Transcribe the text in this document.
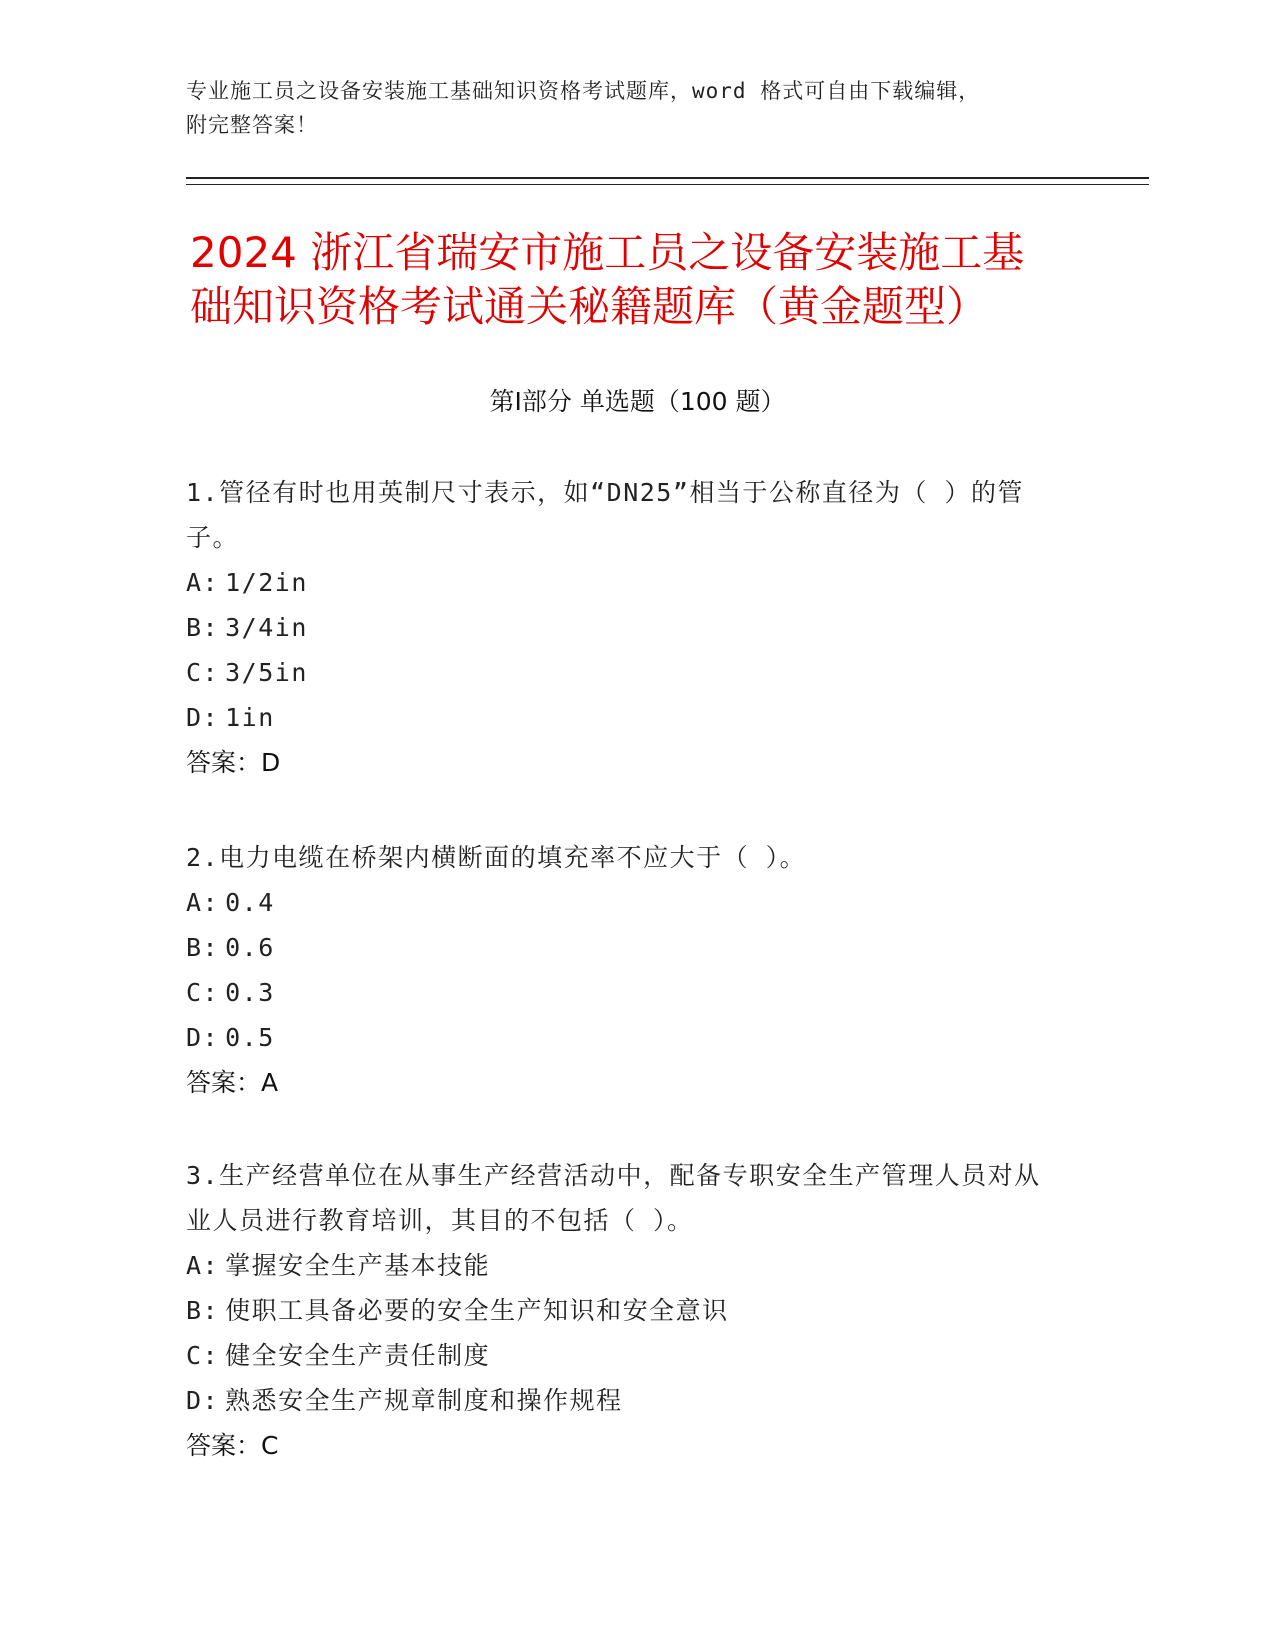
专业施工员之设备安装施工基础知识资格考试题库，word 格式可自由下载编辑，
附完整答案！
2024 浙江省瑞安市施工员之设备安装施工基
础知识资格考试通关秘籍题库（黄金题型）
第Ⅰ部分 单选题（100 题）

1.管径有时也用英制尺寸表示，如“DN25”相当于公称直径为（ ）的管子。

A: 1/2in

B: 3/4in

C: 3/5in

D: 1in

答案：D

2.电力电缆在桥架内横断面的填充率不应大于（ ）。

A: 0.4

B: 0.6

C: 0.3

D: 0.5

答案：A

3.生产经营单位在从事生产经营活动中，配备专职安全生产管理人员对从业人员进行教育培训，其目的不包括（ ）。

A: 掌握安全生产基本技能

B: 使职工具备必要的安全生产知识和安全意识

C: 健全安全生产责任制度

D: 熟悉安全生产规章制度和操作规程

答案：C
